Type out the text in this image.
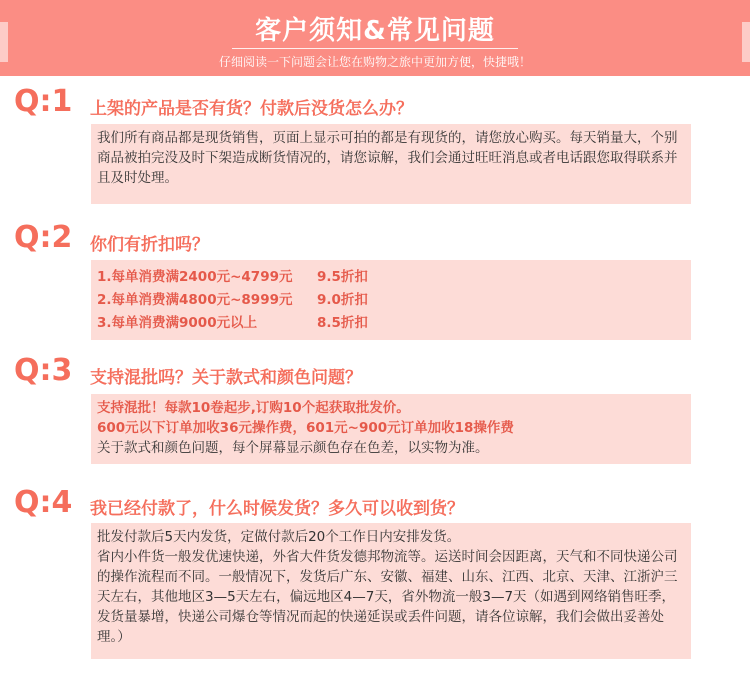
客户须知&常见问题
仔细阅读一下问题会让您在购物之旅中更加方便，快捷哦！
Q:1 上架的产品是否有货？付款后没货怎么办？

我们所有商品都是现货销售，页面上显示可拍的都是有现货的，请您放心购买。每天销量大，个别商品被拍完没及时下架造成断货情况的，请您谅解，我们会通过旺旺消息或者电话跟您取得联系并且及时处理。

Q:2 你们有折扣吗？
1.每单消费满2400元~4799元 9.5折扣
2.每单消费满4800元~8999元 9.0折扣
3.每单消费满9000元以上	8.5折扣
Q:3 支持混批吗？关于款式和颜色问题？

支持混批！每款10卷起步,订购10个起获取批发价。

600元以下订单加收36元操作费，601元~900元订单加收18操作费

关于款式和颜色问题，每个屏幕显示颜色存在色差，以实物为准。

Q:4 我已经付款了，什么时候发货？多久可以收到货？

批发付款后5天内发货，定做付款后20个工作日内安排发货。

省内小件货一般发优速快递，外省大件货发德邦物流等。运送时间会因距离，天气和不同快递公司的操作流程而不同。一般情况下，发货后广东、安徽、福建、山东、江西、北京、天津、江浙沪三天左右，其他地区3—5天左右，偏远地区4—7天，省外物流一般3—7天（如遇到网络销售旺季，发货量暴增，快递公司爆仓等情况而起的快递延误或丢件问题，请各位谅解，我们会做出妥善处理。）
